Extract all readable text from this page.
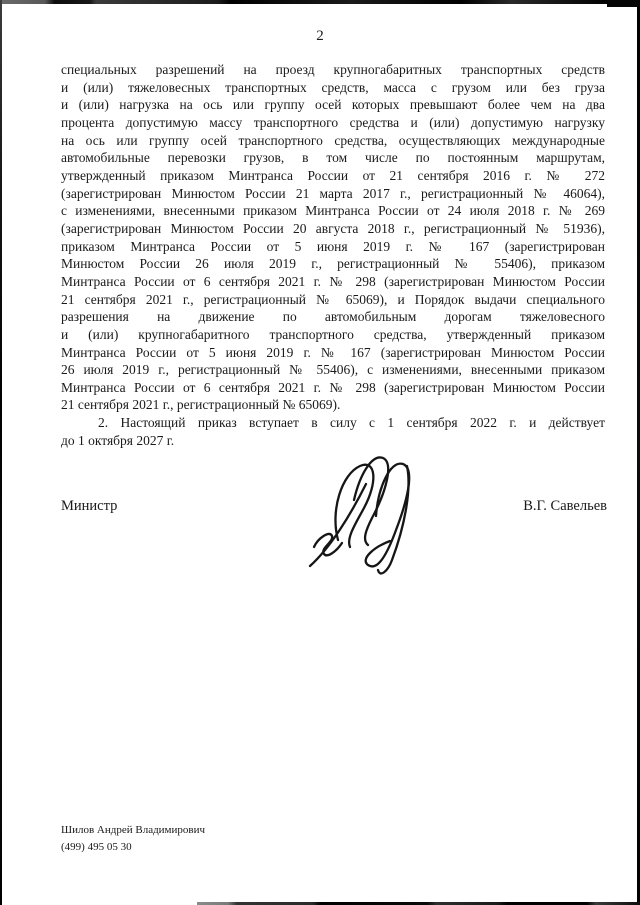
2
специальных разрешений на проезд крупногабаритных транспортных средств
и (или) тяжеловесных транспортных средств, масса с грузом или без груза
и (или) нагрузка на ось или группу осей которых превышают более чем на два
процента допустимую массу транспортного средства и (или) допустимую нагрузку
на ось или группу осей транспортного средства, осуществляющих международные
автомобильные перевозки грузов, в том числе по постоянным маршрутам,
утвержденный приказом Минтранса России от 21 сентября 2016 г. № 272
(зарегистрирован Минюстом России 21 марта 2017 г., регистрационный № 46064),
с изменениями, внесенными приказом Минтранса России от 24 июля 2018 г. № 269
(зарегистрирован Минюстом России 20 августа 2018 г., регистрационный № 51936),
приказом Минтранса России от 5 июня 2019 г. № 167 (зарегистрирован
Минюстом России 26 июля 2019 г., регистрационный № 55406), приказом
Минтранса России от 6 сентября 2021 г. № 298 (зарегистрирован Минюстом России
21 сентября 2021 г., регистрационный № 65069), и Порядок выдачи специального
разрешения на движение по автомобильным дорогам тяжеловесного
и (или) крупногабаритного транспортного средства, утвержденный приказом
Минтранса России от 5 июня 2019 г. № 167 (зарегистрирован Минюстом России
26 июля 2019 г., регистрационный № 55406), с изменениями, внесенными приказом
Минтранса России от 6 сентября 2021 г. № 298 (зарегистрирован Минюстом России
21 сентября 2021 г., регистрационный № 65069).
2. Настоящий приказ вступает в силу с 1 сентября 2022 г. и действует
до 1 октября 2027 г.
Министр	В.Г. Савельев
Шилов Андрей Владимирович
(499) 495 05 30
